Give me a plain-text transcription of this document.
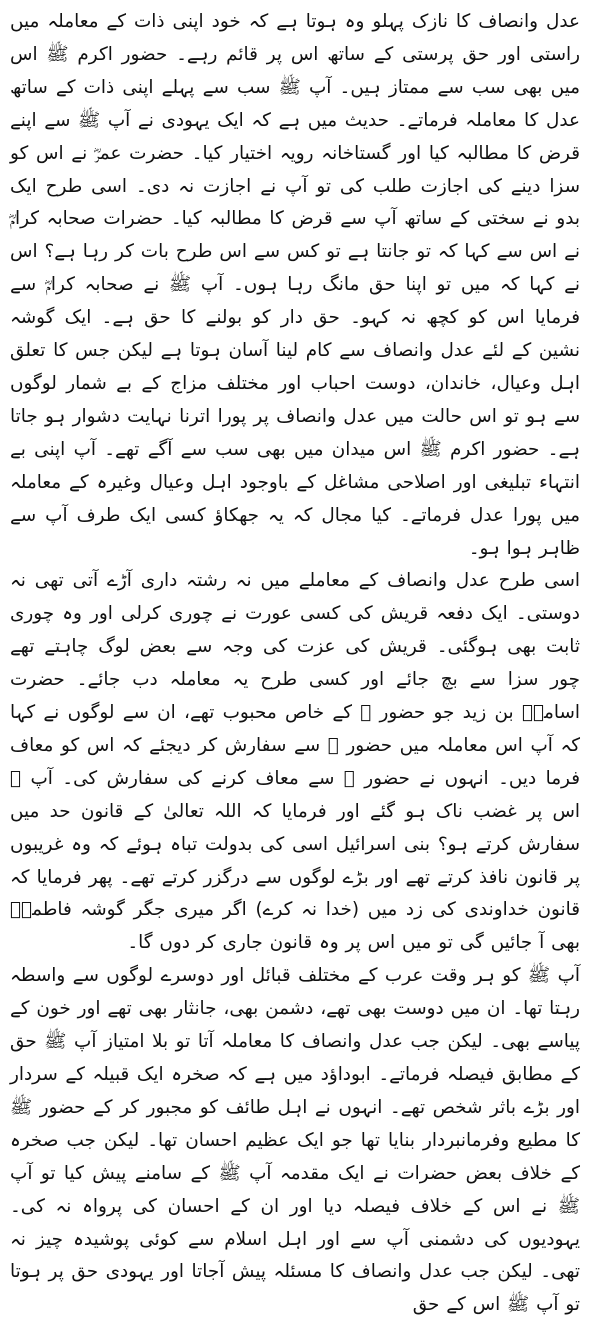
عدل وانصاف کا نازک پہلو وہ ہوتا ہے کہ خود اپنی ذات کے معاملہ میں راستی اور حق پرستی کے ساتھ اس پر قائم رہے۔ حضور اکرم ﷺ اس میں بھی سب سے ممتاز ہیں۔ آپ ﷺ سب سے پہلے اپنی ذات کے ساتھ عدل کا معاملہ فرماتے۔ حدیث میں ہے کہ ایک یہودی نے آپ ﷺ سے اپنے قرض کا مطالبہ کیا اور گستاخانہ رویہ اختیار کیا۔ حضرت عمرؓ نے اس کو سزا دینے کی اجازت طلب کی تو آپ نے اجازت نہ دی۔ اسی طرح ایک بدو نے سختی کے ساتھ آپ سے قرض کا مطالبہ کیا۔ حضرات صحابہ کرامؓ نے اس سے کہا کہ تو جانتا ہے تو کس سے اس طرح بات کر رہا ہے؟ اس نے کہا کہ میں تو اپنا حق مانگ رہا ہوں۔ آپ ﷺ نے صحابہ کرامؓ سے فرمایا اس کو کچھ نہ کہو۔ حق دار کو بولنے کا حق ہے۔ ایک گوشہ نشین کے لئے عدل وانصاف سے کام لینا آسان ہوتا ہے لیکن جس کا تعلق اہل وعیال، خاندان، دوست احباب اور مختلف مزاج کے بے شمار لوگوں سے ہو تو اس حالت میں عدل وانصاف پر پورا اترنا نہایت دشوار ہو جاتا ہے۔ حضور اکرم ﷺ اس میدان میں بھی سب سے آگے تھے۔ آپ اپنی بے انتہاء تبلیغی اور اصلاحی مشاغل کے باوجود اہل وعیال وغیرہ کے معاملہ میں پورا عدل فرماتے۔ کیا مجال کہ یہ جھکاؤ کسی ایک طرف آپ سے ظاہر ہوا ہو۔

اسی طرح عدل وانصاف کے معاملے میں نہ رشتہ داری آڑے آتی تھی نہ دوستی۔ ایک دفعہ قریش کی کسی عورت نے چوری کرلی اور وہ چوری ثابت بھی ہوگئی۔ قریش کی عزت کی وجہ سے بعض لوگ چاہتے تھے چور سزا سے بچ جائے اور کسی طرح یہ معاملہ دب جائے۔ حضرت اسامہؓ بن زید جو حضور ﷺ کے خاص محبوب تھے، ان سے لوگوں نے کہا کہ آپ اس معاملہ میں حضور ﷺ سے سفارش کر دیجئے کہ اس کو معاف فرما دیں۔ انہوں نے حضور ﷺ سے معاف کرنے کی سفارش کی۔ آپ ﷺ اس پر غضب ناک ہو گئے اور فرمایا کہ اللہ تعالیٰ کے قانون حد میں سفارش کرتے ہو؟ بنی اسرائیل اسی کی بدولت تباہ ہوئے کہ وہ غریبوں پر قانون نافذ کرتے تھے اور بڑے لوگوں سے درگزر کرتے تھے۔ پھر فرمایا کہ قانون خداوندی کی زد میں (خدا نہ کرے) اگر میری جگر گوشہ فاطمہؓ بھی آ جائیں گی تو میں اس پر وہ قانون جاری کر دوں گا۔

آپ ﷺ کو ہر وقت عرب کے مختلف قبائل اور دوسرے لوگوں سے واسطہ رہتا تھا۔ ان میں دوست بھی تھے، دشمن بھی، جانثار بھی تھے اور خون کے پیاسے بھی۔ لیکن جب عدل وانصاف کا معاملہ آتا تو بلا امتیاز آپ ﷺ حق کے مطابق فیصلہ فرماتے۔ ابوداؤد میں ہے کہ صخرہ ایک قبیلہ کے سردار اور بڑے باثر شخص تھے۔ انہوں نے اہل طائف کو مجبور کر کے حضور ﷺ کا مطیع وفرمانبردار بنایا تھا جو ایک عظیم احسان تھا۔ لیکن جب صخرہ کے خلاف بعض حضرات نے ایک مقدمہ آپ ﷺ کے سامنے پیش کیا تو آپ ﷺ نے اس کے خلاف فیصلہ دیا اور ان کے احسان کی پرواہ نہ کی۔ یہودیوں کی دشمنی آپ سے اور اہل اسلام سے کوئی پوشیدہ چیز نہ تھی۔ لیکن جب عدل وانصاف کا مسئلہ پیش آجاتا اور یہودی حق پر ہوتا تو آپ ﷺ اس کے حق
